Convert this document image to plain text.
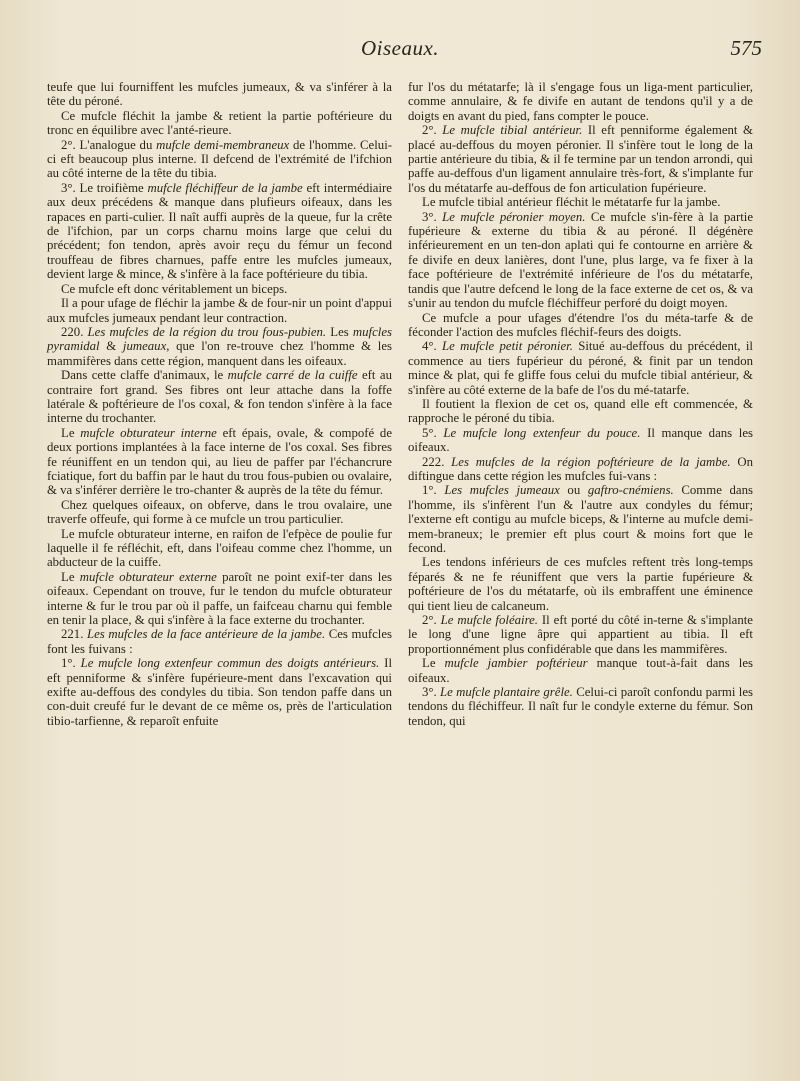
Oiseaux.	575

teufe que lui fourniffent les mufcles jumeaux, & va s'inférer à la tête du péroné.

Ce mufcle fléchit la jambe & retient la partie poftérieure du tronc en équilibre avec l'anté-rieure.

2°. L'analogue du mufcle demi-membraneux de l'homme. Celui-ci eft beaucoup plus interne. Il defcend de l'extrémité de l'ifchion au côté interne de la tête du tibia.

3°. Le troifième mufcle fléchiffeur de la jambe eft intermédiaire aux deux précédens & manque dans plufieurs oifeaux, dans les rapaces en parti-culier. Il naît auffi auprès de la queue, fur la crête de l'ifchion, par un corps charnu moins large que celui du précédent; fon tendon, après avoir reçu du fémur un fecond trouffeau de fibres charnues, paffe entre les mufcles jumeaux, devient large & mince, & s'infère à la face poftérieure du tibia.

Ce mufcle eft donc véritablement un biceps.

Il a pour ufage de fléchir la jambe & de four-nir un point d'appui aux mufcles jumeaux pendant leur contraction.

220. Les mufcles de la région du trou fous-pubien. Les mufcles pyramidal & jumeaux, que l'on re-trouve chez l'homme & les mammifères dans cette région, manquent dans les oifeaux.

Dans cette claffe d'animaux, le mufcle carré de la cuiffe eft au contraire fort grand. Ses fibres ont leur attache dans la foffe latérale & poftérieure de l'os coxal, & fon tendon s'infère à la face interne du trochanter.

Le mufcle obturateur interne eft épais, ovale, & compofé de deux portions implantées à la face interne de l'os coxal. Ses fibres fe réuniffent en un tendon qui, au lieu de paffer par l'échancrure fciatique, fort du baffin par le haut du trou fous-pubien ou ovalaire, & va s'inférer derrière le tro-chanter & auprès de la tête du fémur.

Chez quelques oifeaux, on obferve, dans le trou ovalaire, une traverfe offeufe, qui forme à ce mufcle un trou particulier.

Le mufcle obturateur interne, en raifon de l'efpèce de poulie fur laquelle il fe réfléchit, eft, dans l'oifeau comme chez l'homme, un abducteur de la cuiffe.

Le mufcle obturateur externe paroît ne point exif-ter dans les oifeaux. Cependant on trouve, fur le tendon du mufcle obturateur interne & fur le trou par où il paffe, un faifceau charnu qui femble en tenir la place, & qui s'infère à la face externe du trochanter.

221. Les mufcles de la face antérieure de la jambe. Ces mufcles font les fuivans :

1°. Le mufcle long extenfeur commun des doigts antérieurs. Il eft penniforme & s'infère fupérieure-ment dans l'excavation qui exifte au-deffous des condyles du tibia. Son tendon paffe dans un con-duit creufé fur le devant de ce même os, près de l'articulation tibio-tarfienne, & reparoît enfuite

fur l'os du métatarfe; là il s'engage fous un liga-ment particulier, comme annulaire, & fe divife en autant de tendons qu'il y a de doigts en avant du pied, fans compter le pouce.

2°. Le mufcle tibial antérieur. Il eft penniforme également & placé au-deffous du moyen péronier. Il s'infère tout le long de la partie antérieure du tibia, & il fe termine par un tendon arrondi, qui paffe au-deffous d'un ligament annulaire très-fort, & s'implante fur l'os du métatarfe au-deffous de fon articulation fupérieure.

Le mufcle tibial antérieur fléchit le métatarfe fur la jambe.

3°. Le mufcle péronier moyen. Ce mufcle s'in-fère à la partie fupérieure & externe du tibia & au péroné. Il dégénère inférieurement en un ten-don aplati qui fe contourne en arrière & fe divife en deux lanières, dont l'une, plus large, va fe fixer à la face poftérieure de l'extrémité inférieure de l'os du métatarfe, tandis que l'autre defcend le long de la face externe de cet os, & va s'unir au tendon du mufcle fléchiffeur perforé du doigt moyen.

Ce mufcle a pour ufages d'étendre l'os du méta-tarfe & de féconder l'action des mufcles fléchif-feurs des doigts.

4°. Le mufcle petit péronier. Situé au-deffous du précédent, il commence au tiers fupérieur du péroné, & finit par un tendon mince & plat, qui fe gliffe fous celui du mufcle tibial antérieur, & s'infère au côté externe de la bafe de l'os du mé-tatarfe.

Il foutient la flexion de cet os, quand elle eft commencée, & rapproche le péroné du tibia.

5°. Le mufcle long extenfeur du pouce. Il manque dans les oifeaux.

222. Les mufcles de la région poftérieure de la jambe. On diftingue dans cette région les mufcles fui-vans :

1°. Les mufcles jumeaux ou gaftro-cnémiens. Comme dans l'homme, ils s'infèrent l'un & l'autre aux condyles du fémur; l'externe eft contigu au mufcle biceps, & l'interne au mufcle demi-mem-braneux; le premier eft plus court & moins fort que le fecond.

Les tendons inférieurs de ces mufcles reftent très long-temps féparés & ne fe réuniffent que vers la partie fupérieure & poftérieure de l'os du métatarfe, où ils embraffent une éminence qui tient lieu de calcaneum.

2°. Le mufcle foléaire. Il eft porté du côté in-terne & s'implante le long d'une ligne âpre qui appartient au tibia. Il eft proportionnément plus confidérable que dans les mammifères.

Le mufcle jambier poftérieur manque tout-à-fait dans les oifeaux.

3°. Le mufcle plantaire grêle. Celui-ci paroît confondu parmi les tendons du fléchiffeur. Il naît fur le condyle externe du fémur. Son tendon, qui
